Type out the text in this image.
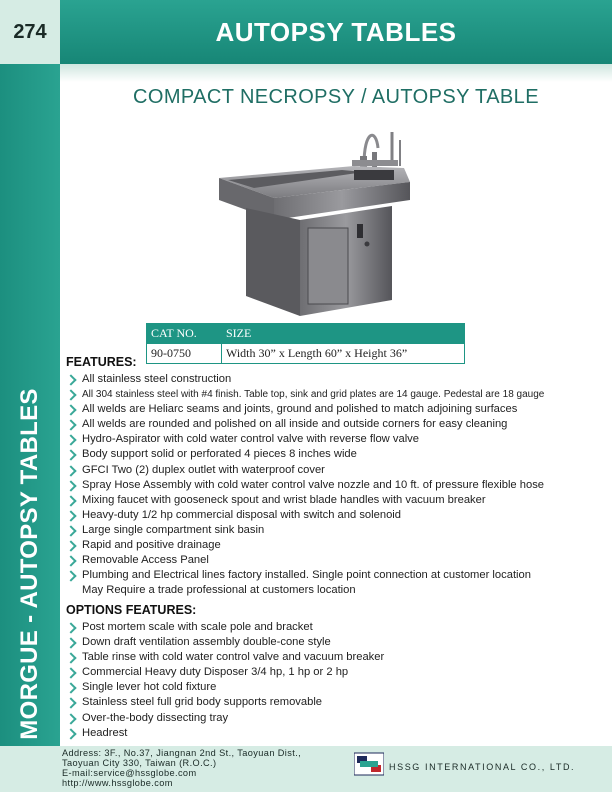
274	AUTOPSY TABLES
MORGUE - AUTOPSY TABLES
COMPACT NECROPSY / AUTOPSY TABLE
CAT NO.	SIZE
90-0750	Width 30” x Length 60” x Height 36”
FEATURES:
All stainless steel construction
All 304 stainless steel with #4 finish. Table top, sink and grid plates are 14 gauge. Pedestal are 18 gauge
All welds are Heliarc seams and joints, ground and polished to match adjoining surfaces
All welds are rounded and polished on all inside and outside corners for easy cleaning
Hydro-Aspirator with cold water control valve with reverse flow valve
Body support solid or perforated 4 pieces 8 inches wide
GFCI Two (2) duplex outlet with waterproof cover
Spray Hose Assembly with cold water control valve nozzle and 10 ft. of pressure flexible hose
Mixing faucet with gooseneck spout and wrist blade handles with vacuum breaker
Heavy-duty 1/2 hp commercial disposal with switch and solenoid
Large single compartment sink basin
Rapid and positive drainage
Removable Access Panel
Plumbing and Electrical lines factory installed. Single point connection at customer location
May Require a trade professional at customers location
OPTIONS FEATURES:
Post mortem scale with scale pole and bracket
Down draft ventilation assembly double-cone style
Table rinse with cold water control valve and vacuum breaker
Commercial Heavy duty Disposer 3/4 hp, 1 hp or 2 hp
Single lever hot cold fixture
Stainless steel full grid body supports removable
Over-the-body dissecting tray
Headrest
Address: 3F., No.37, Jiangnan 2nd St., Taoyuan Dist.,
Taoyuan City 330, Taiwan (R.O.C.)
E-mail:service@hssglobe.com
http://www.hssglobe.com
HSSG INTERNATIONAL CO., LTD.
